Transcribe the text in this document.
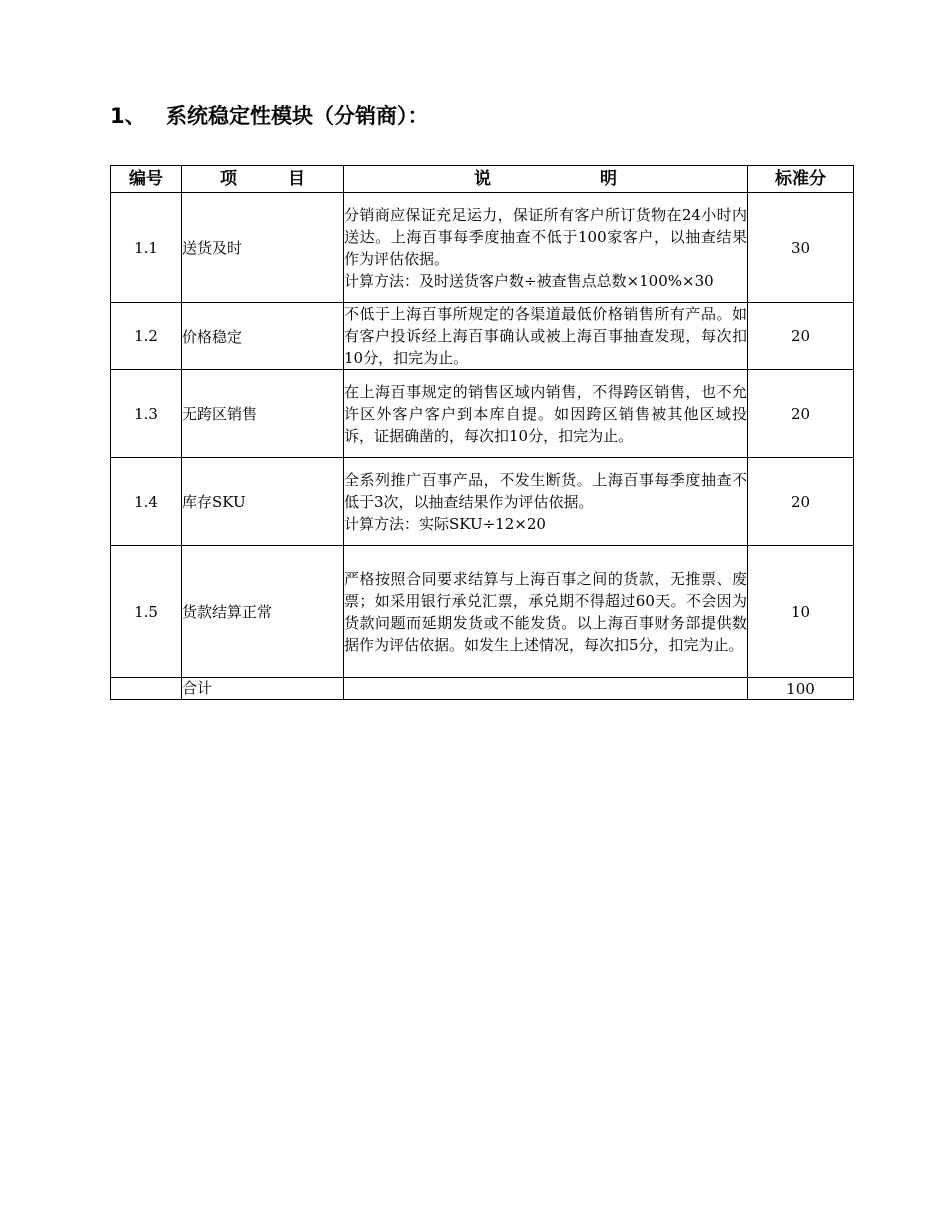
1、 系统稳定性模块（分销商）：
编号	项 目	说 明	标准分
1.1	送货及时	分销商应保证充足运力，保证所有客户所订货物在24小时内送达。上海百事每季度抽查不低于100家客户，以抽查结果作为评估依据。
计算方法：及时送货客户数÷被查售点总数×100%×30	30
1.2	价格稳定	不低于上海百事所规定的各渠道最低价格销售所有产品。如有客户投诉经上海百事确认或被上海百事抽查发现，每次扣10分，扣完为止。	20
1.3	无跨区销售	在上海百事规定的销售区域内销售，不得跨区销售，也不允许区外客户客户到本库自提。如因跨区销售被其他区域投诉，证据确凿的，每次扣10分，扣完为止。	20
1.4	库存SKU	全系列推广百事产品，不发生断货。上海百事每季度抽查不低于3次，以抽查结果作为评估依据。
计算方法：实际SKU÷12×20	20
1.5	货款结算正常	严格按照合同要求结算与上海百事之间的货款，无推票、废票；如采用银行承兑汇票，承兑期不得超过60天。不会因为货款问题而延期发货或不能发货。以上海百事财务部提供数据作为评估依据。如发生上述情况，每次扣5分，扣完为止。	10
	合计		100
